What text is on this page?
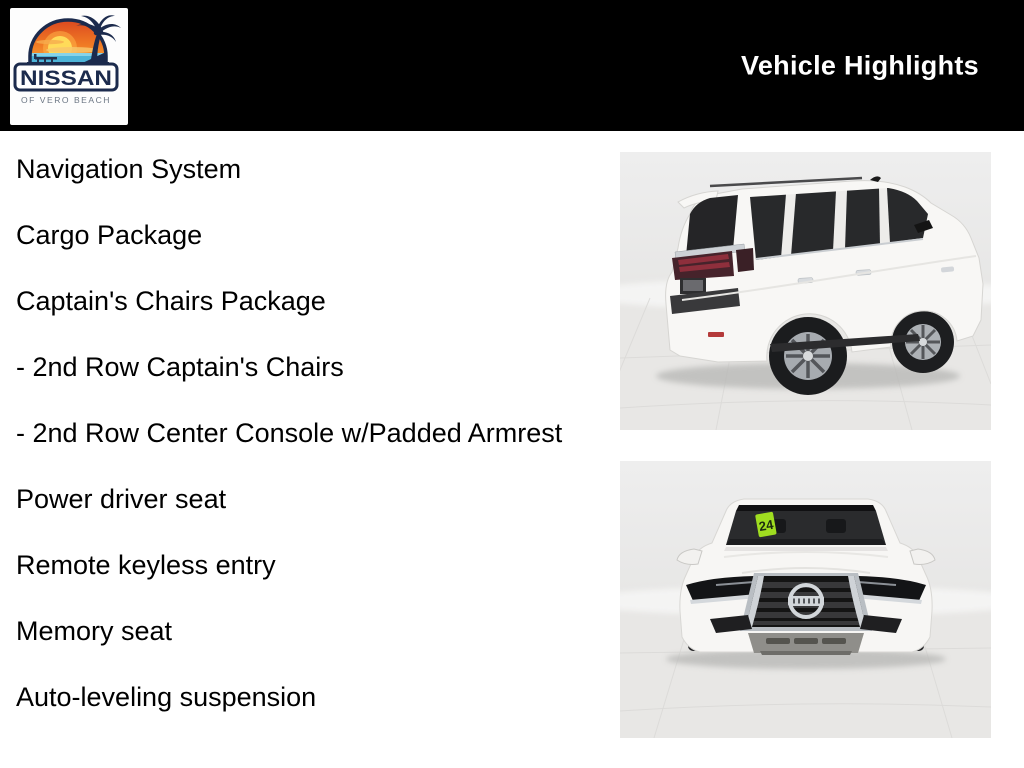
NISSAN
OF VERO BEACH
Vehicle Highlights
Navigation System
Cargo Package
Captain's Chairs Package
- 2nd Row Captain's Chairs
- 2nd Row Center Console w/Padded Armrest
Power driver seat
Remote keyless entry
Memory seat
Auto-leveling suspension
24
